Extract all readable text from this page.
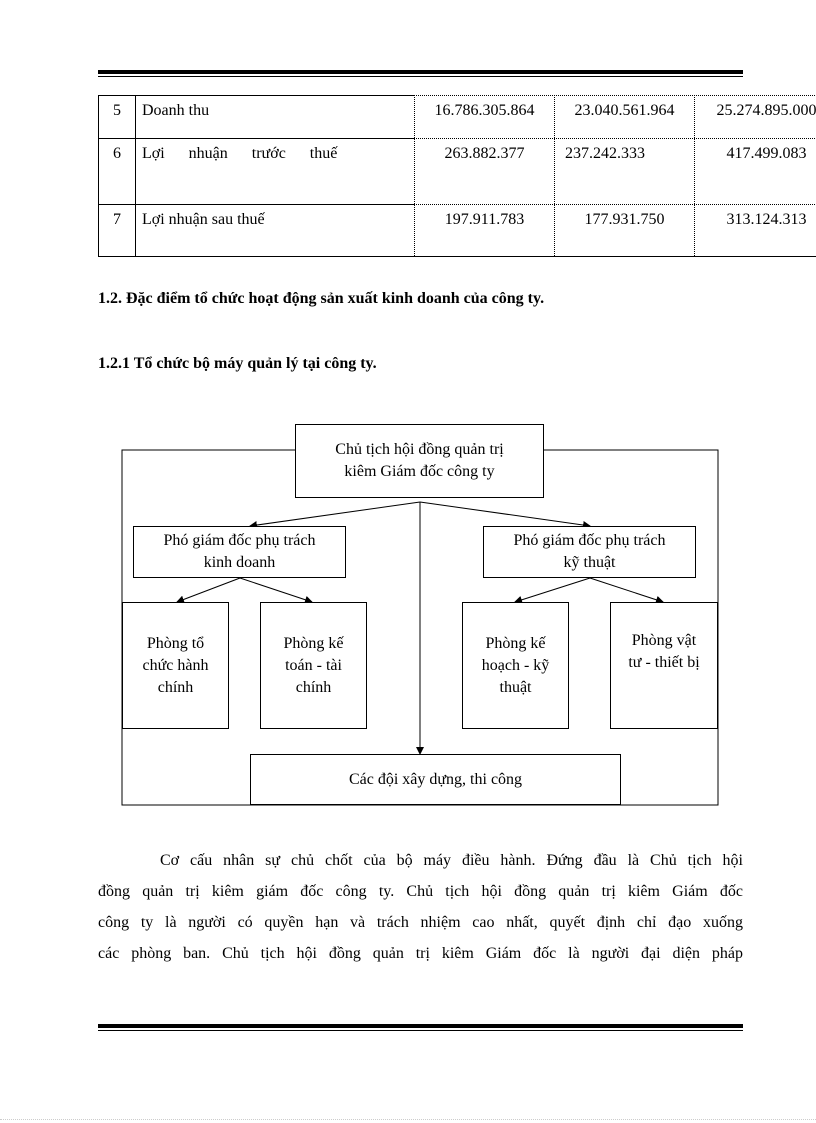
5	Doanh thu	16.786.305.864	23.040.561.964	25.274.895.000
6	Lợi nhuận trước thuế	263.882.377	237.242.333	417.499.083
7	Lợi nhuận sau thuế	197.911.783	177.931.750	313.124.313
1.2. Đặc điểm tổ chức hoạt động sản xuất kinh doanh của công ty.
1.2.1 Tổ chức bộ máy quản lý tại công ty.
Chủ tịch hội đồng quản trị
kiêm Giám đốc công ty
Phó giám đốc phụ trách
kinh doanh
Phó giám đốc phụ trách
kỹ thuật
Phòng tổ
chức hành
chính
Phòng kế
toán - tài
chính
Phòng kế
hoạch - kỹ
thuật
Phòng vật
tư - thiết bị
Các đội xây dựng, thi công
Cơ cấu nhân sự chủ chốt của bộ máy điều hành. Đứng đầu là Chủ tịch hội
đồng quản trị kiêm giám đốc công ty. Chủ tịch hội đồng quản trị kiêm Giám đốc
công ty là người có quyền hạn và trách nhiệm cao nhất, quyết định chỉ đạo xuống
các phòng ban. Chủ tịch hội đồng quản trị kiêm Giám đốc là người đại diện pháp
